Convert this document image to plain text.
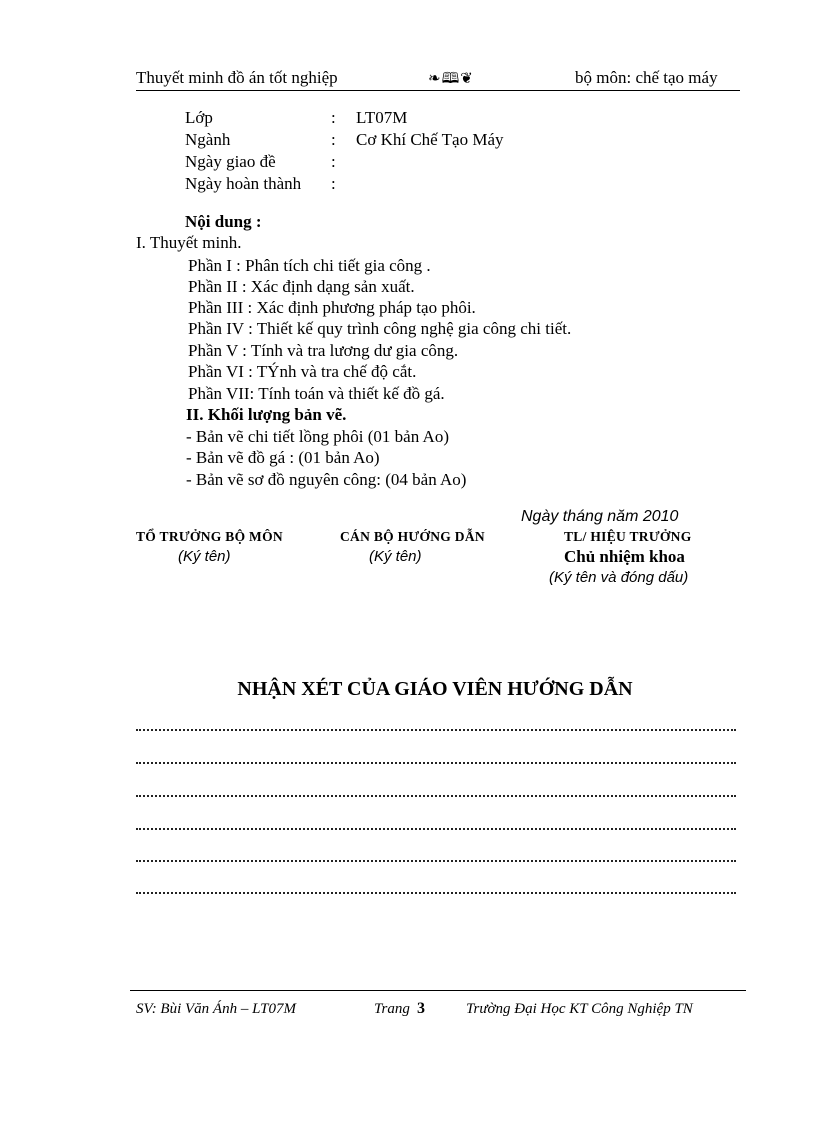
Thuyết minh đồ án tốt nghiệp	❧🕮❦	bộ môn: chế tạo máy
Lớp	: LT07M
Ngành	: Cơ Khí Chế Tạo Máy
Ngày giao đề	:
Ngày hoàn thành :
Nội dung :
I. Thuyết minh.
Phần I : Phân tích chi tiết gia công .
Phần II : Xác định dạng sản xuất.
Phần III : Xác định phương pháp tạo phôi.
Phần IV : Thiết kế quy trình công nghệ gia công chi tiết.
Phần V : Tính và tra lương dư gia công.
Phần VI : TÝnh và tra chế độ cắt.
Phần VII: Tính toán và thiết kế đồ gá.
II. Khối lượng bản vẽ.
- Bản vẽ chi tiết lồng phôi (01 bản Ao)
- Bản vẽ đồ gá : (01 bản Ao)
- Bản vẽ sơ đồ nguyên công: (04 bản Ao)
Ngày tháng năm 2010
TỔ TRƯỞNG BỘ MÔN
(Ký tên)
CÁN BỘ HƯỚNG DẪN
(Ký tên)
TL/ HIỆU TRƯỞNG
Chủ nhiệm khoa
(Ký tên và đóng dấu)
NHẬN XÉT CỦA GIÁO VIÊN HƯỚNG DẪN
SV: Bùi Văn Ánh – LT07M	Trang 3	Trường Đại Học KT Công Nghiệp TN
